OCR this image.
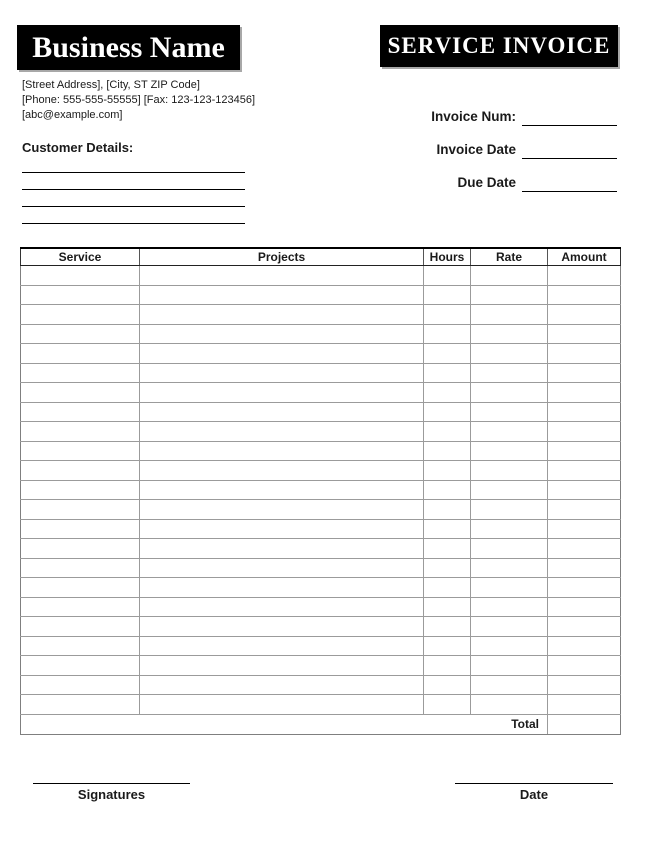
Business Name	SERVICE INVOICE
[Street Address], [City, ST ZIP Code]
[Phone: 555-555-55555] [Fax: 123-123-123456]
[abc@example.com]
Customer Details:
Invoice Num:
Invoice Date
Due Date
Service	Projects	Hours	Rate	Amount

Total				
Signatures	Date
